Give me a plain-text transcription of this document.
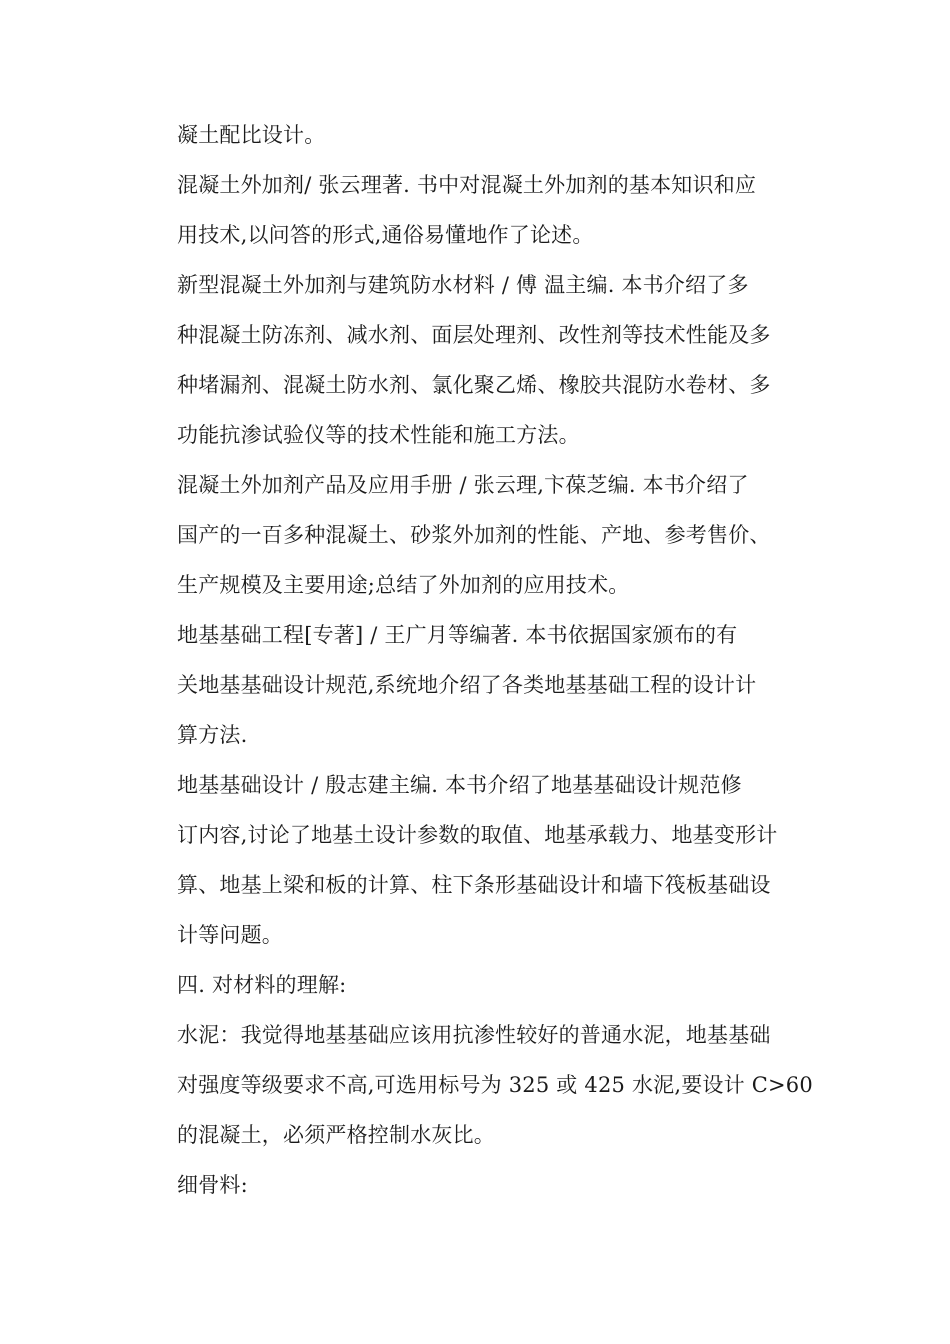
凝土配比设计。
混凝土外加剂/ 张云理著. 书中对混凝土外加剂的基本知识和应
用技术,以问答的形式,通俗易懂地作了论述。
新型混凝土外加剂与建筑防水材料 / 傅 温主编. 本书介绍了多
种混凝土防冻剂、减水剂、面层处理剂、改性剂等技术性能及多
种堵漏剂、混凝土防水剂、氯化聚乙烯、橡胶共混防水卷材、多
功能抗渗试验仪等的技术性能和施工方法。
混凝土外加剂产品及应用手册 / 张云理,卞葆芝编. 本书介绍了
国产的一百多种混凝土、砂浆外加剂的性能、产地、参考售价、
生产规模及主要用途;总结了外加剂的应用技术。
地基基础工程[专著] / 王广月等编著. 本书依据国家颁布的有
关地基基础设计规范,系统地介绍了各类地基基础工程的设计计
算方法.
地基基础设计 / 殷志建主编. 本书介绍了地基基础设计规范修
订内容,讨论了地基土设计参数的取值、地基承载力、地基变形计
算、地基上梁和板的计算、柱下条形基础设计和墙下筏板基础设
计等问题。
四. 对材料的理解:
水泥：我觉得地基基础应该用抗渗性较好的普通水泥，地基基础
对强度等级要求不高,可选用标号为 325 或 425 水泥,要设计 C>60
的混凝土，必须严格控制水灰比。
细骨料:
